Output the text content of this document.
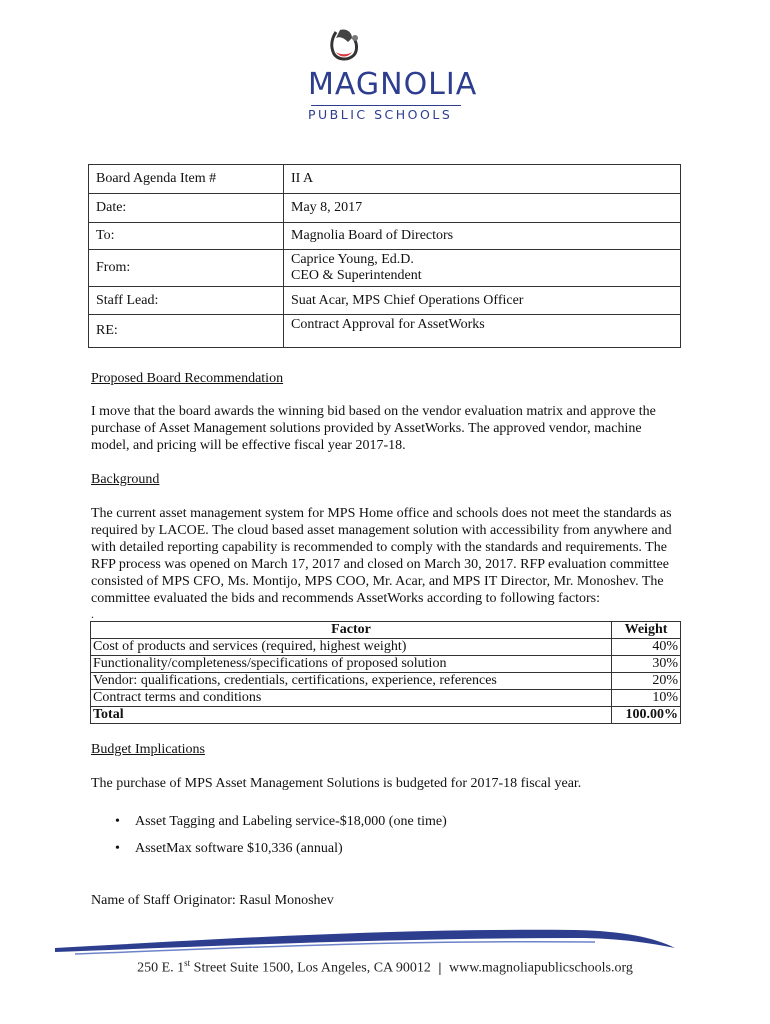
MAGNOLIA
PUBLIC SCHOOLS
Board Agenda Item #	II A
Date:	May 8, 2017
To:	Magnolia Board of Directors
From:	Caprice Young, Ed.D.
CEO & Superintendent

Staff Lead:	Suat Acar, MPS Chief Operations Officer
RE:	Contract Approval for AssetWorks
Proposed Board Recommendation
I move that the board awards the winning bid based on the vendor evaluation matrix and approve the purchase of Asset Management solutions provided by AssetWorks. The approved vendor, machine model, and pricing will be effective fiscal year 2017-18.
Background
The current asset management system for MPS Home office and schools does not meet the standards as required by LACOE. The cloud based asset management solution with accessibility from anywhere and with detailed reporting capability is recommended to comply with the standards and requirements. The RFP process was opened on March 17, 2017 and closed on March 30, 2017. RFP evaluation committee consisted of MPS CFO, Ms. Montijo, MPS COO, Mr. Acar, and MPS IT Director, Mr. Monoshev. The committee evaluated the bids and recommends AssetWorks according to following factors:
.
Factor	Weight
Cost of products and services (required, highest weight)	40%
Functionality/completeness/specifications of proposed solution	30%
Vendor: qualifications, credentials, certifications, experience, references	20%
Contract terms and conditions	10%
Total	100.00%
Budget Implications
The purchase of MPS Asset Management Solutions is budgeted for 2017-18 fiscal year.
• Asset Tagging and Labeling service-$18,000 (one time)
• AssetMax software $10,336 (annual)
Name of Staff Originator: Rasul Monoshev
250 E. 1st Street Suite 1500, Los Angeles, CA 90012 | www.magnoliapublicschools.org
